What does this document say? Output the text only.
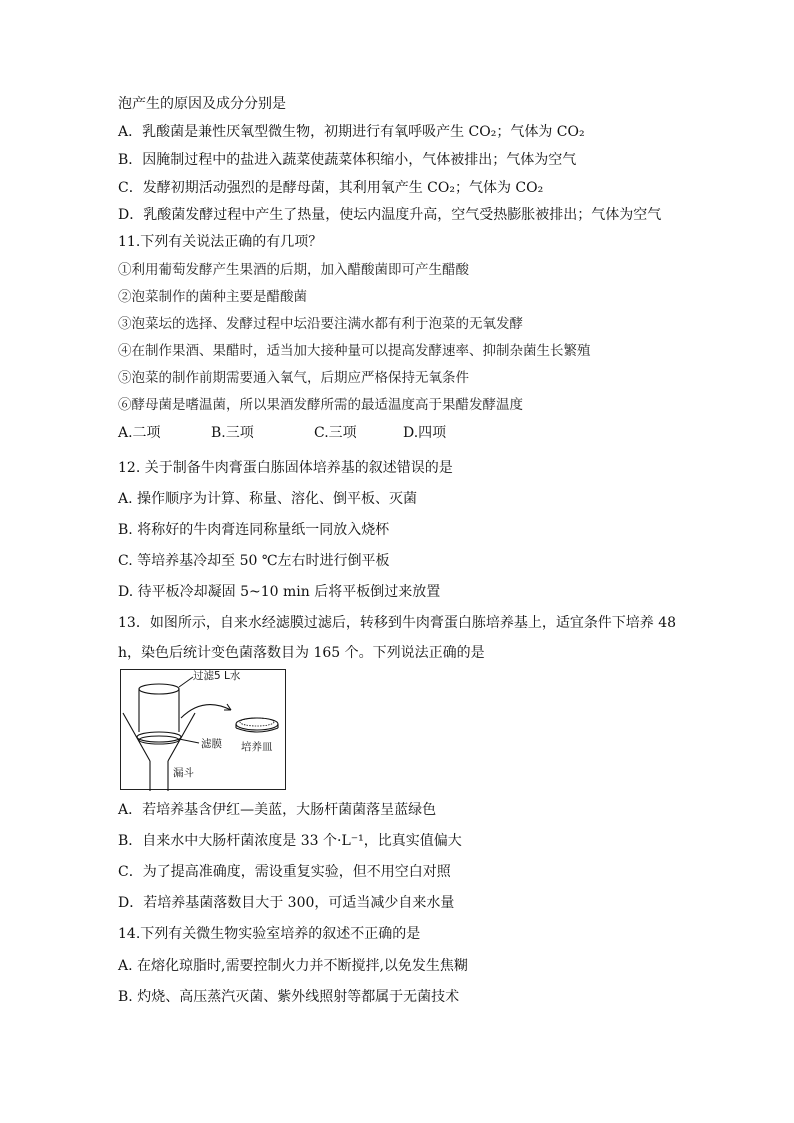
泡产生的原因及成分分别是
A．乳酸菌是兼性厌氧型微生物，初期进行有氧呼吸产生 CO₂；气体为 CO₂
B．因腌制过程中的盐进入蔬菜使蔬菜体积缩小，气体被排出；气体为空气
C．发酵初期活动强烈的是酵母菌，其利用氧产生 CO₂；气体为 CO₂
D．乳酸菌发酵过程中产生了热量，使坛内温度升高，空气受热膨胀被排出；气体为空气
11.下列有关说法正确的有几项？
①利用葡萄发酵产生果酒的后期，加入醋酸菌即可产生醋酸
②泡菜制作的菌种主要是醋酸菌
③泡菜坛的选择、发酵过程中坛沿要注满水都有利于泡菜的无氧发酵
④在制作果酒、果醋时，适当加大接种量可以提高发酵速率、抑制杂菌生长繁殖
⑤泡菜的制作前期需要通入氧气，后期应严格保持无氧条件
⑥酵母菌是嗜温菌，所以果酒发酵所需的最适温度高于果醋发酵温度
A.二项	B.三项	C.三项	D.四项
12. 关于制备牛肉膏蛋白胨固体培养基的叙述错误的是
A. 操作顺序为计算、称量、溶化、倒平板、灭菌
B. 将称好的牛肉膏连同称量纸一同放入烧杯
C. 等培养基冷却至 50 ℃左右时进行倒平板
D. 待平板冷却凝固 5~10 min 后将平板倒过来放置
13．如图所示，自来水经滤膜过滤后，转移到牛肉膏蛋白胨培养基上，适宜条件下培养 48
h，染色后统计变色菌落数目为 165 个。下列说法正确的是
过滤5 L水
滤膜 培养皿
漏斗
A．若培养基含伊红—美蓝，大肠杆菌菌落呈蓝绿色
B．自来水中大肠杆菌浓度是 33 个·L⁻¹，比真实值偏大
C．为了提高准确度，需设重复实验，但不用空白对照
D．若培养基菌落数目大于 300，可适当减少自来水量
14.下列有关微生物实验室培养的叙述不正确的是
A. 在熔化琼脂时,需要控制火力并不断搅拌,以免发生焦糊
B. 灼烧、高压蒸汽灭菌、紫外线照射等都属于无菌技术
